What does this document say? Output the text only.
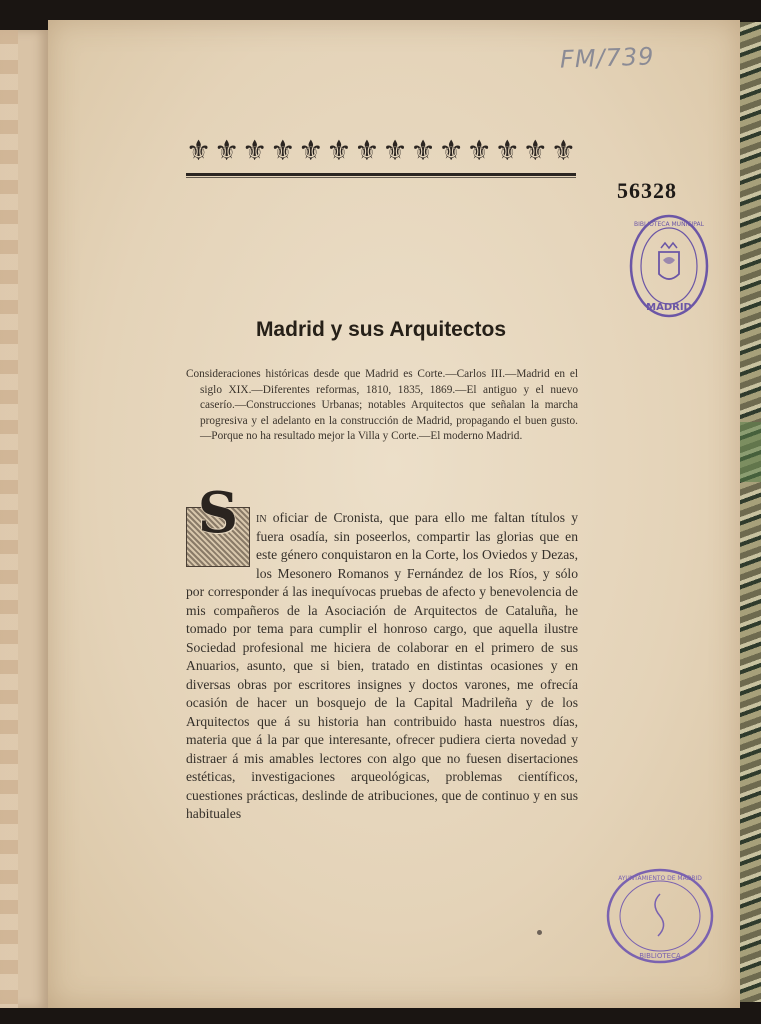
FM/739
⚜ ⚜ ⚜ ⚜ ⚜ ⚜ ⚜ ⚜ ⚜ ⚜ ⚜ ⚜ ⚜ ⚜
56328
MADRID
BIBLIOTECA MUNICIPAL
AYUNTAMIENTO DE MADRID
BIBLIOTECA
Madrid y sus Arquitectos
Consideraciones históricas desde que Madrid es Corte.—Carlos III.—Madrid en el siglo XIX.—Diferentes reformas, 1810, 1835, 1869.—El antiguo y el nuevo caserío.—Construcciones Urbanas; notables Arquitectos que señalan la marcha progresiva y el adelanto en la construcción de Madrid, propagando el buen gusto.—Porque no ha resultado mejor la Villa y Corte.—El moderno Madrid.
S	in oficiar de Cronista, que para ello me faltan títulos y fuera osadía, sin poseerlos, compartir las glorias que en este género conquistaron en la Corte, los Oviedos y Dezas, los Mesonero Romanos y Fernández de los Ríos, y sólo por corresponder á las inequívocas pruebas de afecto y benevolencia de mis compañeros de la Asociación de Arquitectos de Cataluña, he tomado por tema para cumplir el honroso cargo, que aquella ilustre Sociedad profesional me hiciera de colaborar en el primero de sus Anuarios, asunto, que si bien, tratado en distintas ocasiones y en diversas obras por escritores insignes y doctos varones, me ofrecía ocasión de hacer un bosquejo de la Capital Madrileña y de los Arquitectos que á su historia han contribuido hasta nuestros días, materia que á la par que interesante, ofrecer pudiera cierta novedad y distraer á mis amables lectores con algo que no fuesen disertaciones estéticas, investigaciones arqueológicas, problemas científicos, cuestiones prácticas, deslinde de atribuciones, que de continuo y en sus habituales
